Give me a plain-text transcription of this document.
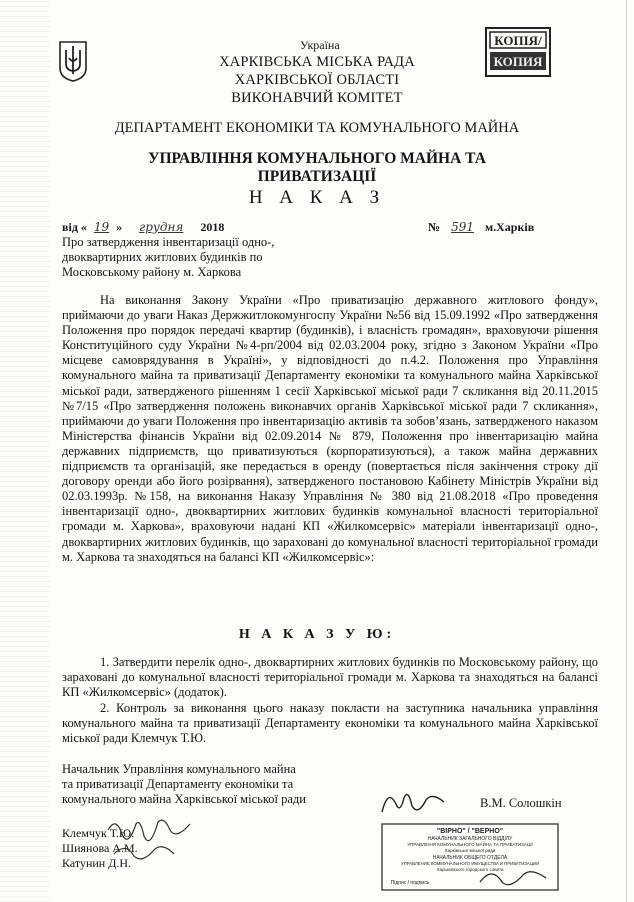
КОПІЯ/
КОПИЯ
Україна
ХАРКІВСЬКА МІСЬКА РАДА
ХАРКІВСЬКОЇ ОБЛАСТІ
ВИКОНАВЧИЙ КОМІТЕТ
ДЕПАРТАМЕНТ ЕКОНОМІКИ ТА КОМУНАЛЬНОГО МАЙНА
УПРАВЛІННЯ КОМУНАЛЬНОГО МАЙНА ТА
ПРИВАТИЗАЦІЇ
Н А К А З
від « 19 » грудня 2018	№ 591 м.Харків
Про затвердження інвентаризації одно-,
двоквартирних житлових будинків по
Московському району м. Харкова
На виконання Закону України «Про приватизацію державного житлового фонду», приймаючи до уваги Наказ Держжитлокомунгоспу України №56 від 15.09.1992 «Про затвердження Положення про порядок передачі квартир (будинків), і власність громадян», враховуючи рішення Конституційного суду України №4-рп/2004 від 02.03.2004 року, згідно з Законом України «Про місцеве самоврядування в Україні», у відповідності до п.4.2. Положення про Управління комунального майна та приватизації Департаменту економіки та комунального майна Харківської міської ради, затвердженого рішенням 1 сесії Харківської міської ради 7 скликання від 20.11.2015 №7/15 «Про затвердження положень виконавчих органів Харківської міської ради 7 скликання», приймаючи до уваги Положення про інвентаризацію активів та зобов’язань, затвердженого наказом Міністерства фінансів України від 02.09.2014 № 879, Положення про інвентаризацію майна державних підприємств, що приватизуються (корпоратизуються), а також майна державних підприємств та організацій, яке передається в оренду (повертається після закінчення строку дії договору оренди або його розірвання), затвердженого постановою Кабінету Міністрів України від 02.03.1993р. №158, на виконання Наказу Управління № 380 від 21.08.2018 «Про проведення інвентаризації одно-, двоквартирних житлових будинків комунальної власності територіальної громади м. Харкова», враховуючи надані КП «Жилкомсервіс» матеріали інвентаризації одно-, двоквартирних житлових будинків, що зараховані до комунальної власності територіальної громади м. Харкова та знаходяться на балансі КП «Жилкомсервіс»:
Н А К А З У Ю:
1. Затвердити перелік одно-, двоквартирних житлових будинків по Московському району, що зараховані до комунальної власності територіальної громади м. Харкова та знаходяться на балансі КП «Жилкомсервіс» (додаток).
2. Контроль за виконання цього наказу покласти на заступника начальника управління комунального майна та приватизації Департаменту економіки та комунального майна Харківської міської ради Клемчук Т.Ю.
Начальник Управління комунального майна
та приватизації Департаменту економіки та
комунального майна Харківської міської ради	В.М. Солошкін
Клемчук Т.Ю.
Шиянова А.М.
Катунин Д.Н.
"ВІРНО" / "ВЕРНО"
НАЧАЛЬНИК ЗАГАЛЬНОГО ВІДДІЛУ
УПРАВЛІННЯ КОМУНАЛЬНОГО МАЙНА ТА ПРИВАТИЗАЦІЇ
Харківської міської ради
НАЧАЛЬНИК ОБЩЕГО ОТДЕЛА
УПРАВЛЕНИЕ КОММУНАЛЬНОГО ИМУЩЕСТВА И ПРИВАТИЗАЦИИ
Харьковского городского совета
Підпис / подпись
